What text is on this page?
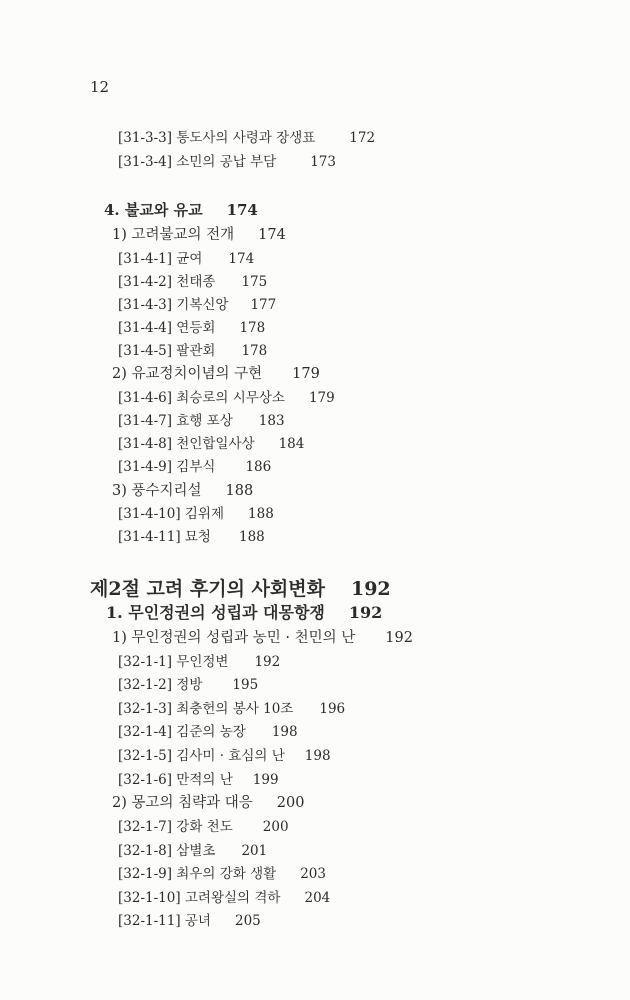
12
[31-3-3] 통도사의 사령과 장생표	172
[31-3-4] 소민의 공납 부담	173
4. 불교와 유교 174
1) 고려불교의 전개 174
[31-4-1] 균여 174
[31-4-2] 천태종 175
[31-4-3] 기복신앙 177
[31-4-4] 연등회 178
[31-4-5] 팔관회 178
2) 유교정치이념의 구현 179
[31-4-6] 최승로의 시무상소 179
[31-4-7] 효행 포상 183
[31-4-8] 천인합일사상 184
[31-4-9] 김부식 186
3) 풍수지리설 188
[31-4-10] 김위제 188
[31-4-11] 묘청 188
제2절 고려 후기의 사회변화 192
1. 무인정권의 성립과 대몽항쟁 192
1) 무인정권의 성립과 농민 · 천민의 난 192
[32-1-1] 무인정변 192
[32-1-2] 정방 195
[32-1-3] 최충헌의 봉사 10조 196
[32-1-4] 김준의 농장 198
[32-1-5] 김사미 · 효심의 난 198
[32-1-6] 만적의 난 199
2) 몽고의 침략과 대응 200
[32-1-7] 강화 천도 200
[32-1-8] 삼별초 201
[32-1-9] 최우의 강화 생활 203
[32-1-10] 고려왕실의 격하 204
[32-1-11] 공녀 205
